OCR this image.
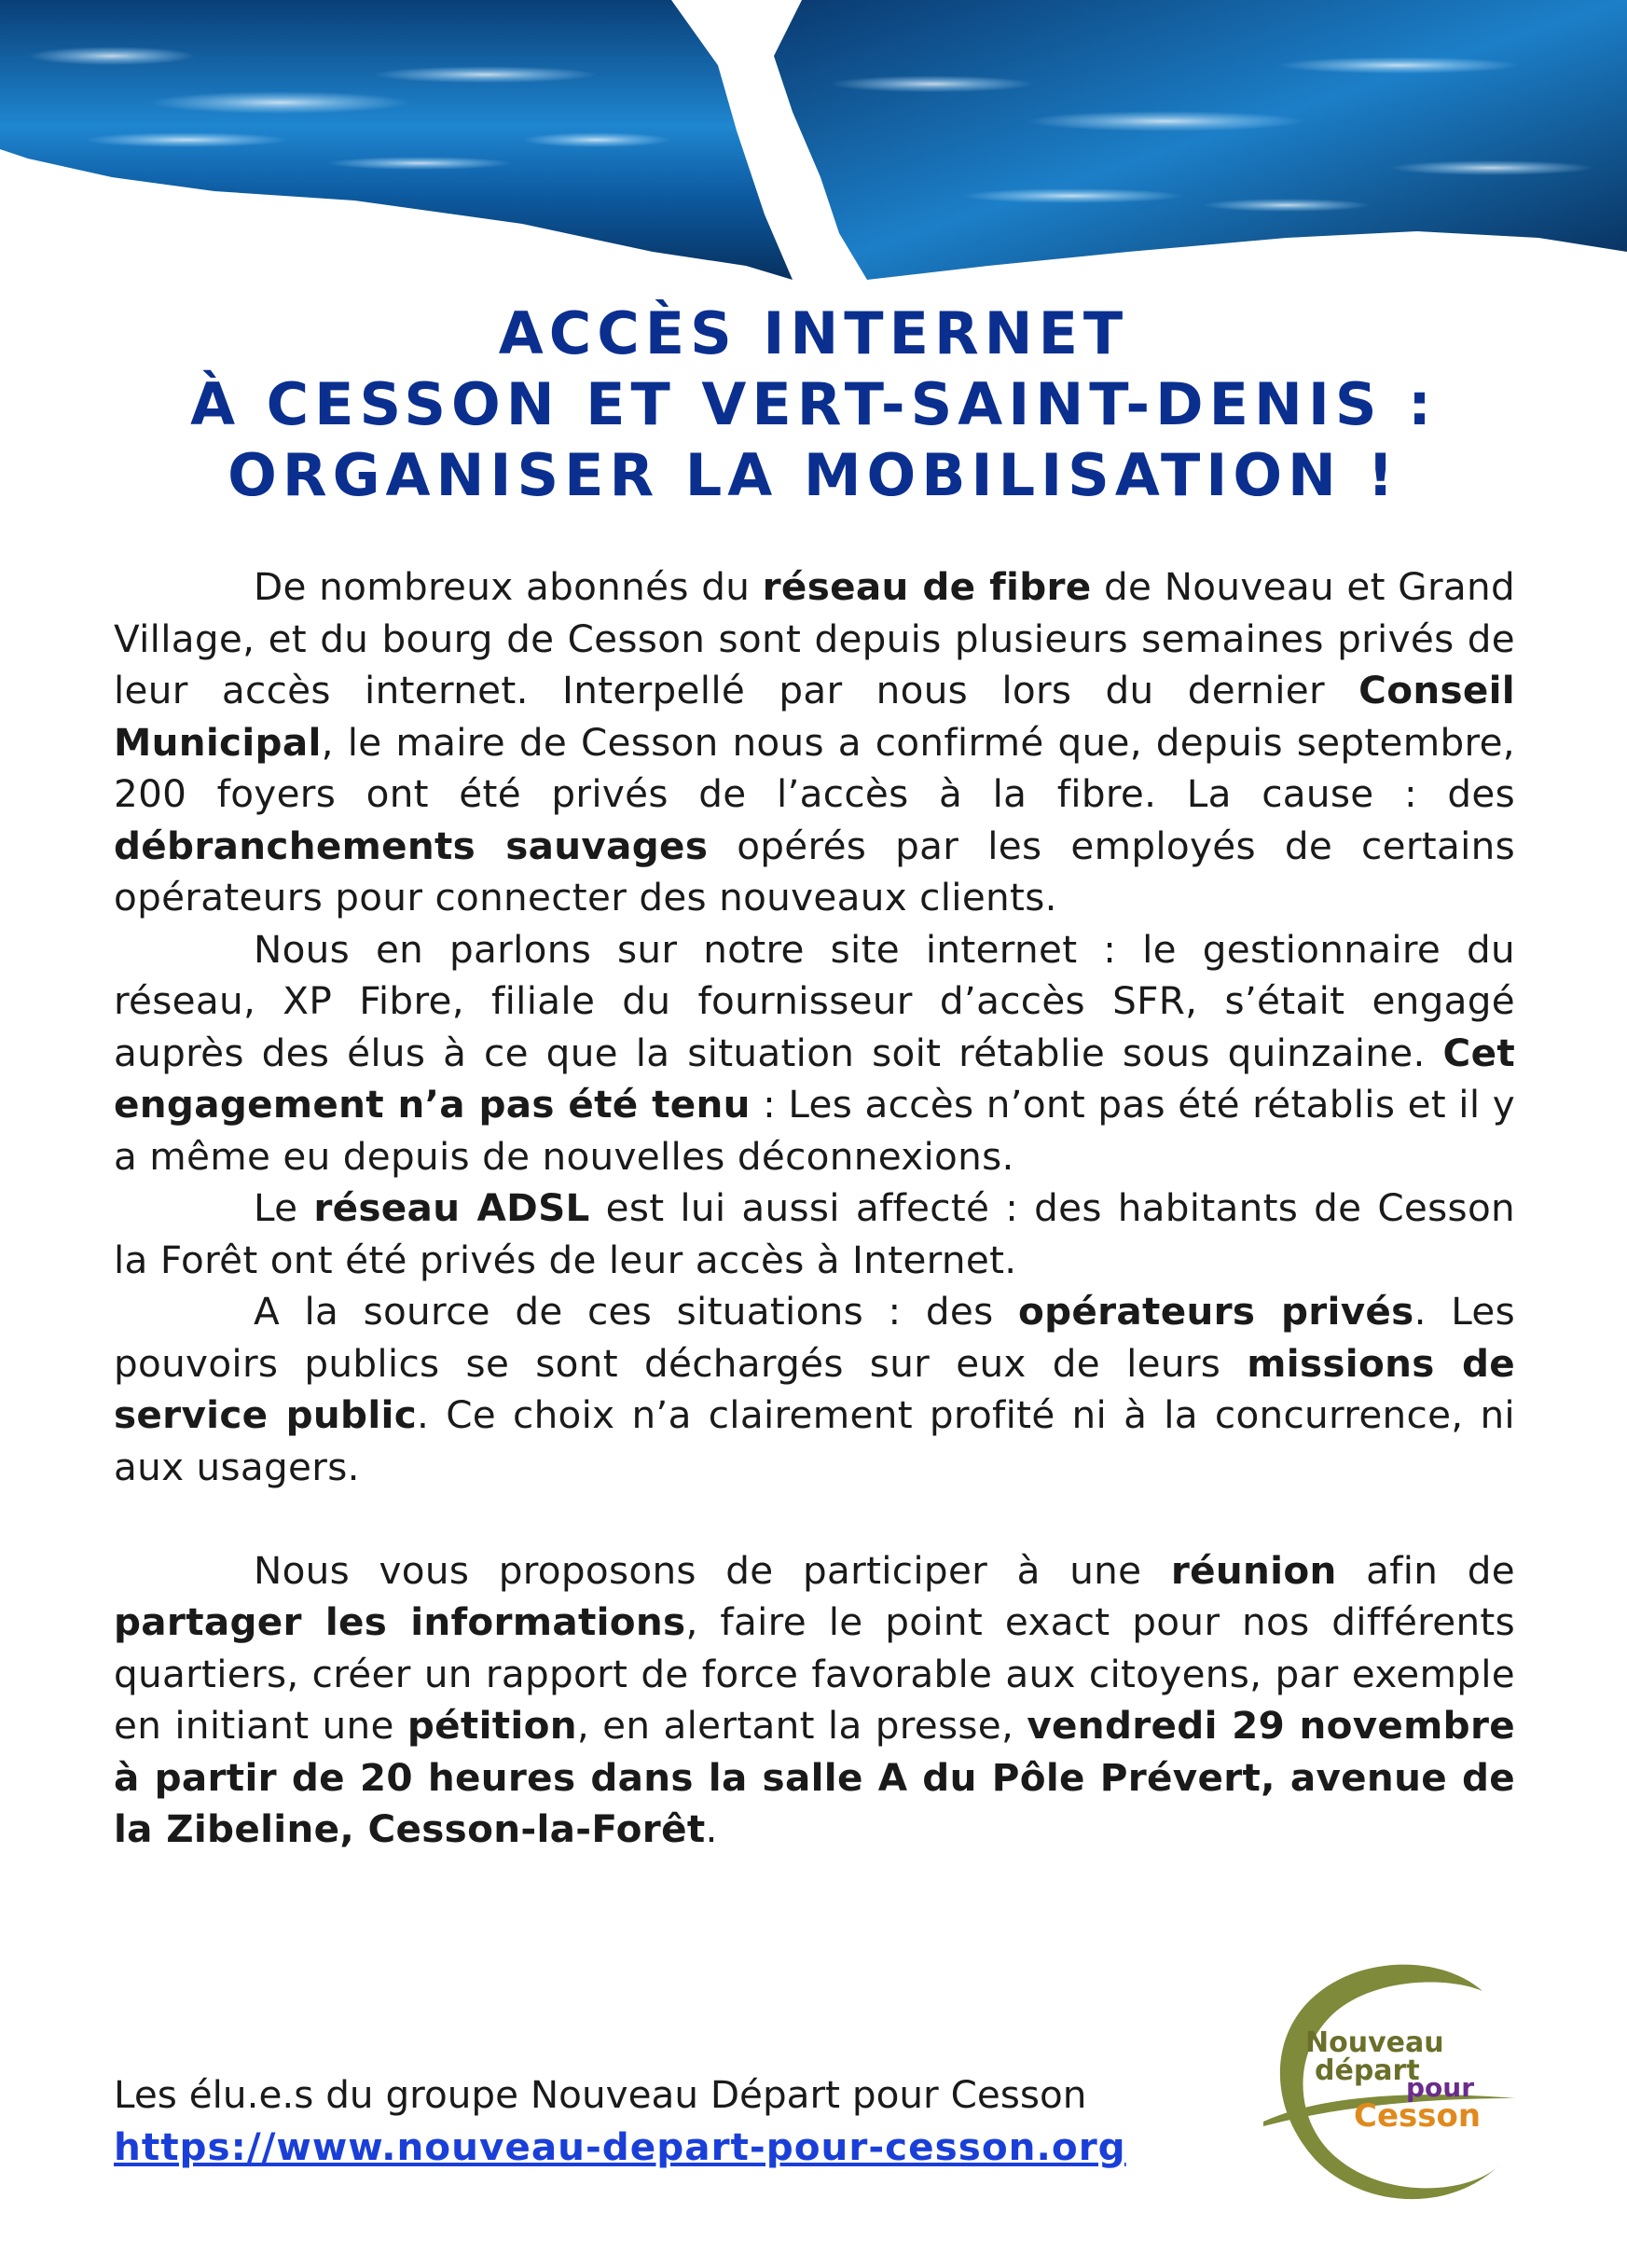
ACCÈS INTERNET
À CESSON ET VERT-SAINT-DENIS :
ORGANISER LA MOBILISATION !

De nombreux abonnés du réseau de fibre de Nouveau et Grand Village, et du bourg de Cesson sont depuis plusieurs semaines privés de leur accès internet. Interpellé par nous lors du dernier Conseil Municipal, le maire de Cesson nous a confirmé que, depuis septembre, 200 foyers ont été privés de l’accès à la fibre. La cause : des débranchements sauvages opérés par les employés de certains opérateurs pour connecter des nouveaux clients.

Nous en parlons sur notre site internet : le gestionnaire du réseau, XP Fibre, filiale du fournisseur d’accès SFR, s’était engagé auprès des élus à ce que la situation soit rétablie sous quinzaine. Cet engagement n’a pas été tenu : Les accès n’ont pas été rétablis et il y a même eu depuis de nouvelles déconnexions.

Le réseau ADSL est lui aussi affecté : des habitants de Cesson la Forêt ont été privés de leur accès à Internet.

A la source de ces situations : des opérateurs privés. Les pouvoirs publics se sont déchargés sur eux de leurs missions de service public. Ce choix n’a clairement profité ni à la concurrence, ni aux usagers.

Nous vous proposons de participer à une réunion afin de partager les informations, faire le point exact pour nos différents quartiers, créer un rapport de force favorable aux citoyens, par exemple en initiant une pétition, en alertant la presse, vendredi 29 novembre à partir de 20 heures dans la salle A du Pôle Prévert, avenue de la Zibeline, Cesson-la-Forêt.

Les élu.e.s du groupe Nouveau Départ pour Cesson
https://www.nouveau-depart-pour-cesson.org
Nouveau
départ
pour
Cesson
